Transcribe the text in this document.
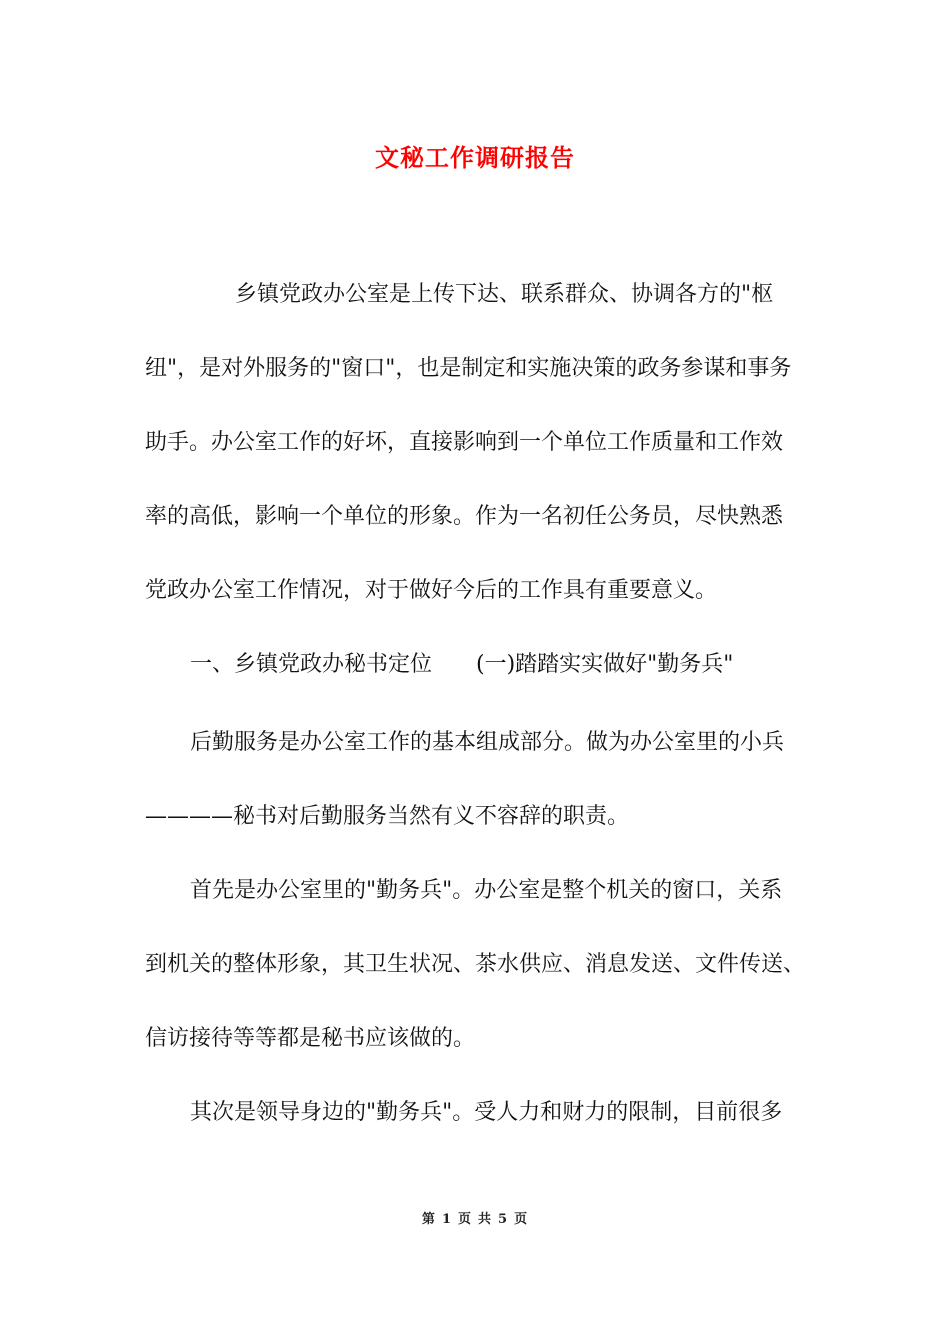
文秘工作调研报告
乡镇党政办公室是上传下达、联系群众、协调各方的"枢
纽"，是对外服务的"窗口"，也是制定和实施决策的政务参谋和事务
助手。办公室工作的好坏，直接影响到一个单位工作质量和工作效
率的高低，影响一个单位的形象。作为一名初任公务员，尽快熟悉
党政办公室工作情况，对于做好今后的工作具有重要意义。
一、乡镇党政办秘书定位　　(一)踏踏实实做好"勤务兵"
后勤服务是办公室工作的基本组成部分。做为办公室里的小兵
————秘书对后勤服务当然有义不容辞的职责。
首先是办公室里的"勤务兵"。办公室是整个机关的窗口，关系
到机关的整体形象，其卫生状况、茶水供应、消息发送、文件传送、
信访接待等等都是秘书应该做的。
其次是领导身边的"勤务兵"。受人力和财力的限制，目前很多
第 1 页 共 5 页
